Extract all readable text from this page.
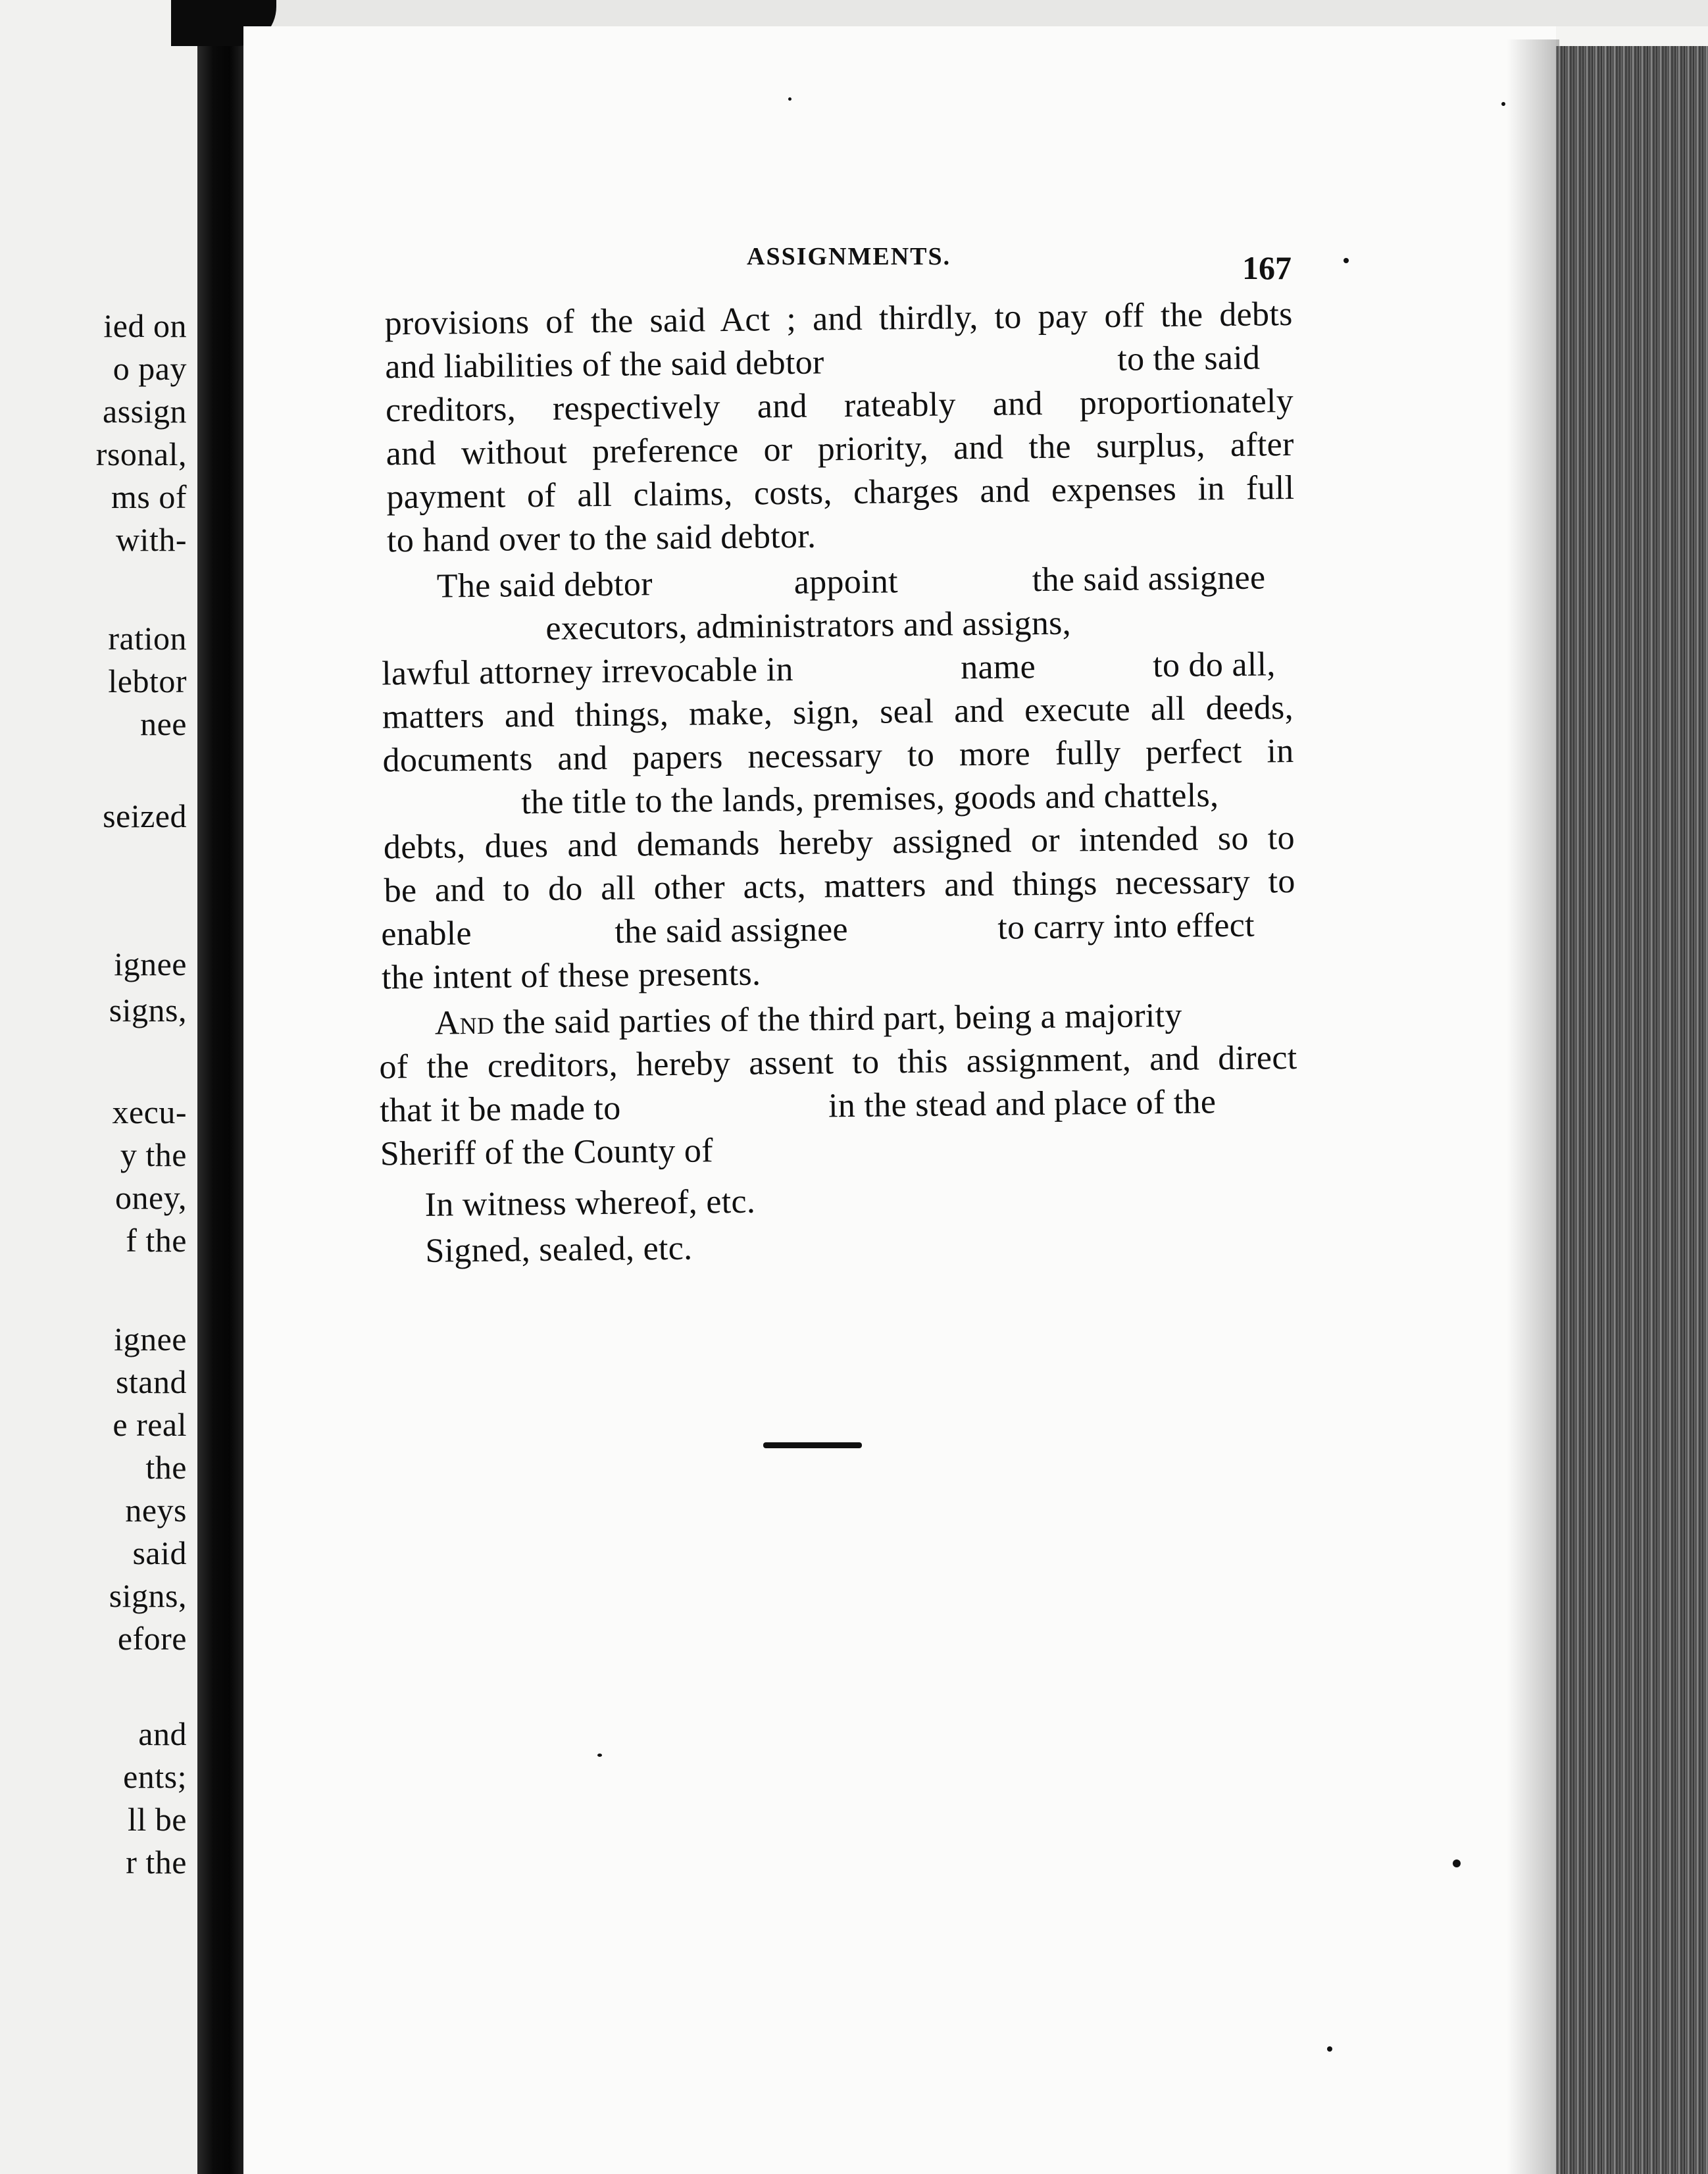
ied on
o pay
assign
rsonal,
ms of
with-
ration
lebtor
nee
seized
ignee
signs,
xecu-
y the
oney,
f the
ignee
stand
e real
the
neys
said
signs,
efore
and
ents;
ll be
r the
ASSIGNMENTS.	167
provisions of the said Act ; and thirdly, to pay off the debts
and liabilities of the said debtor	to the said
creditors, respectively and rateably and proportionately
and without preference or priority, and the surplus, after
payment of all claims, costs, charges and expenses in full
to hand over to the said debtor.
The said debtor	appoint	the said assignee
executors, administrators and assigns,
lawful attorney irrevocable in	name	to do all,
matters and things, make, sign, seal and execute all deeds,
documents and papers necessary to more fully perfect in
the title to the lands, premises, goods and chattels,
debts, dues and demands hereby assigned or intended so to
be and to do all other acts, matters and things necessary to
enable	the said assignee	to carry into effect
the intent of these presents.
And the said parties of the third part, being a majority
of the creditors, hereby assent to this assignment, and direct
that it be made to	in the stead and place of the
Sheriff of the County of
In witness whereof, etc.
Signed, sealed, etc.
